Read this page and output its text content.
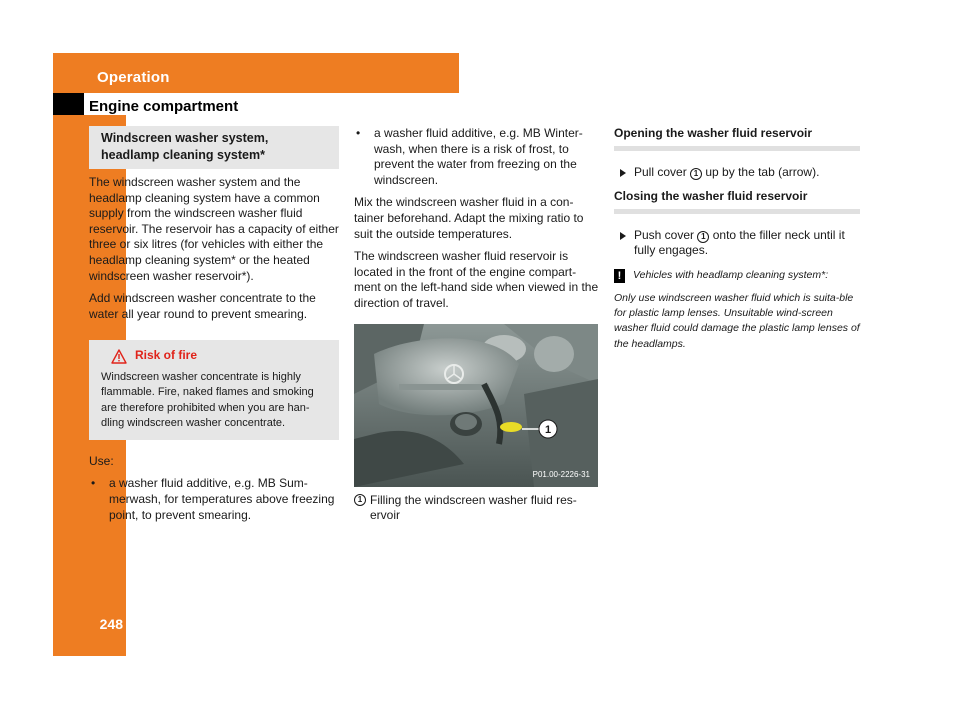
Operation
Engine compartment
248
Windscreen washer system, headlamp cleaning system*
The windscreen washer system and the headlamp cleaning system have a common supply from the windscreen washer fluid reservoir. The reservoir has a capacity of either three or six litres (for vehicles with either the headlamp cleaning system* or the heated windscreen washer reservoir*).
Add windscreen washer concentrate to the water all year round to prevent smearing.
Risk of fire
Windscreen washer concentrate is highly flammable. Fire, naked flames and smoking are therefore prohibited when you are han-dling windscreen washer concentrate.
Use:
• a washer fluid additive, e.g. MB Sum-merwash, for temperatures above freezing point, to prevent smearing.
• a washer fluid additive, e.g. MB Winter-wash, when there is a risk of frost, to prevent the water from freezing on the windscreen.
Mix the windscreen washer fluid in a con-tainer beforehand. Adapt the mixing ratio to suit the outside temperatures.
The windscreen washer fluid reservoir is located in the front of the engine compart-ment on the left-hand side when viewed in the direction of travel.
1
P01.00-2226-31
1 Filling the windscreen washer fluid res-ervoir
Opening the washer fluid reservoir
Pull cover 1 up by the tab (arrow).
Closing the washer fluid reservoir
Push cover 1 onto the filler neck until it fully engages.
!	Vehicles with headlamp cleaning system*:
Only use windscreen washer fluid which is suita-ble for plastic lamp lenses. Unsuitable wind-screen washer fluid could damage the plastic lamp lenses of the headlamps.
